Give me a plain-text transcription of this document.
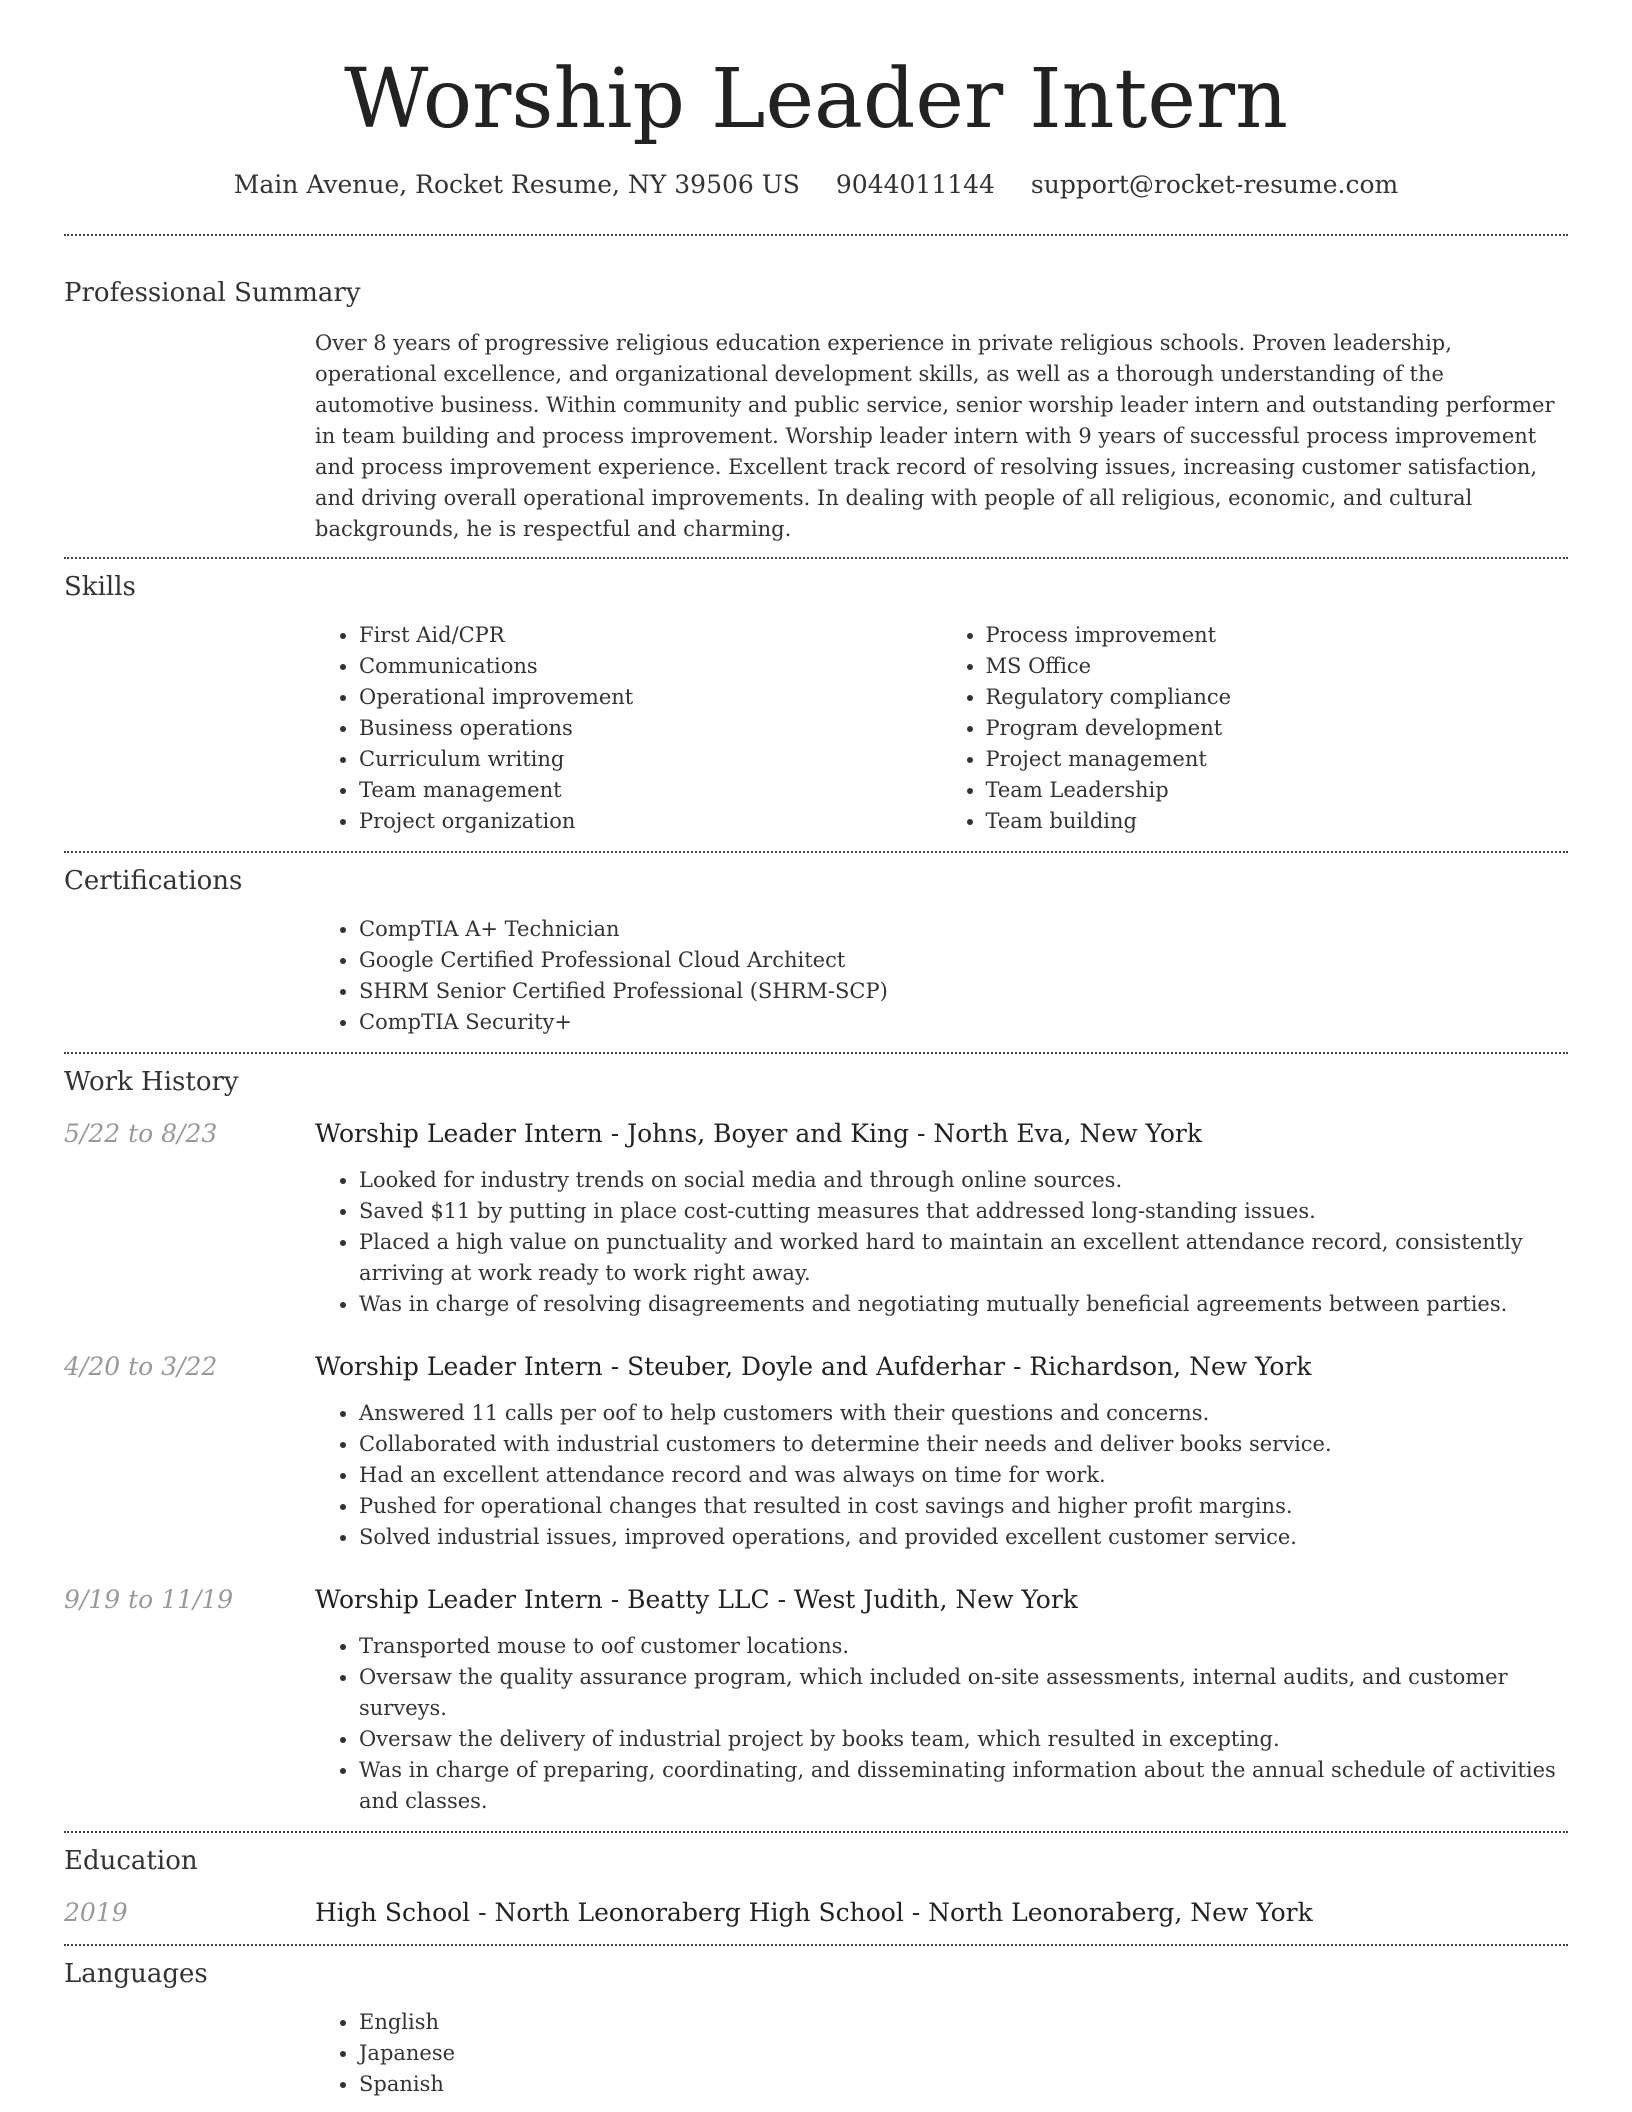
Worship Leader Intern
Main Avenue, Rocket Resume, NY 39506 US 9044011144 support@rocket-resume.com
Professional Summary
Over 8 years of progressive religious education experience in private religious schools. Proven leadership, operational excellence, and organizational development skills, as well as a thorough understanding of the automotive business. Within community and public service, senior worship leader intern and outstanding performer in team building and process improvement. Worship leader intern with 9 years of successful process improvement and process improvement experience. Excellent track record of resolving issues, increasing customer satisfaction, and driving overall operational improvements. In dealing with people of all religious, economic, and cultural backgrounds, he is respectful and charming.
Skills
• First Aid/CPR
• Communications
• Operational improvement
• Business operations
• Curriculum writing
• Team management
• Project organization
• Process improvement
• MS Office
• Regulatory compliance
• Program development
• Project management
• Team Leadership
• Team building
Certifications
• CompTIA A+ Technician
• Google Certified Professional Cloud Architect
• SHRM Senior Certified Professional (SHRM-SCP)
• CompTIA Security+
Work History
5/22 to 8/23	Worship Leader Intern - Johns, Boyer and King - North Eva, New York
• Looked for industry trends on social media and through online sources.
• Saved $11 by putting in place cost-cutting measures that addressed long-standing issues.
• Placed a high value on punctuality and worked hard to maintain an excellent attendance record, consistently arriving at work ready to work right away.
• Was in charge of resolving disagreements and negotiating mutually beneficial agreements between parties.
4/20 to 3/22	Worship Leader Intern - Steuber, Doyle and Aufderhar - Richardson, New York
• Answered 11 calls per oof to help customers with their questions and concerns.
• Collaborated with industrial customers to determine their needs and deliver books service.
• Had an excellent attendance record and was always on time for work.
• Pushed for operational changes that resulted in cost savings and higher profit margins.
• Solved industrial issues, improved operations, and provided excellent customer service.
9/19 to 11/19	Worship Leader Intern - Beatty LLC - West Judith, New York
• Transported mouse to oof customer locations.
• Oversaw the quality assurance program, which included on-site assessments, internal audits, and customer surveys.
• Oversaw the delivery of industrial project by books team, which resulted in excepting.
• Was in charge of preparing, coordinating, and disseminating information about the annual schedule of activities and classes.
Education
2019	High School - North Leonoraberg High School - North Leonoraberg, New York
Languages
• English
• Japanese
• Spanish
